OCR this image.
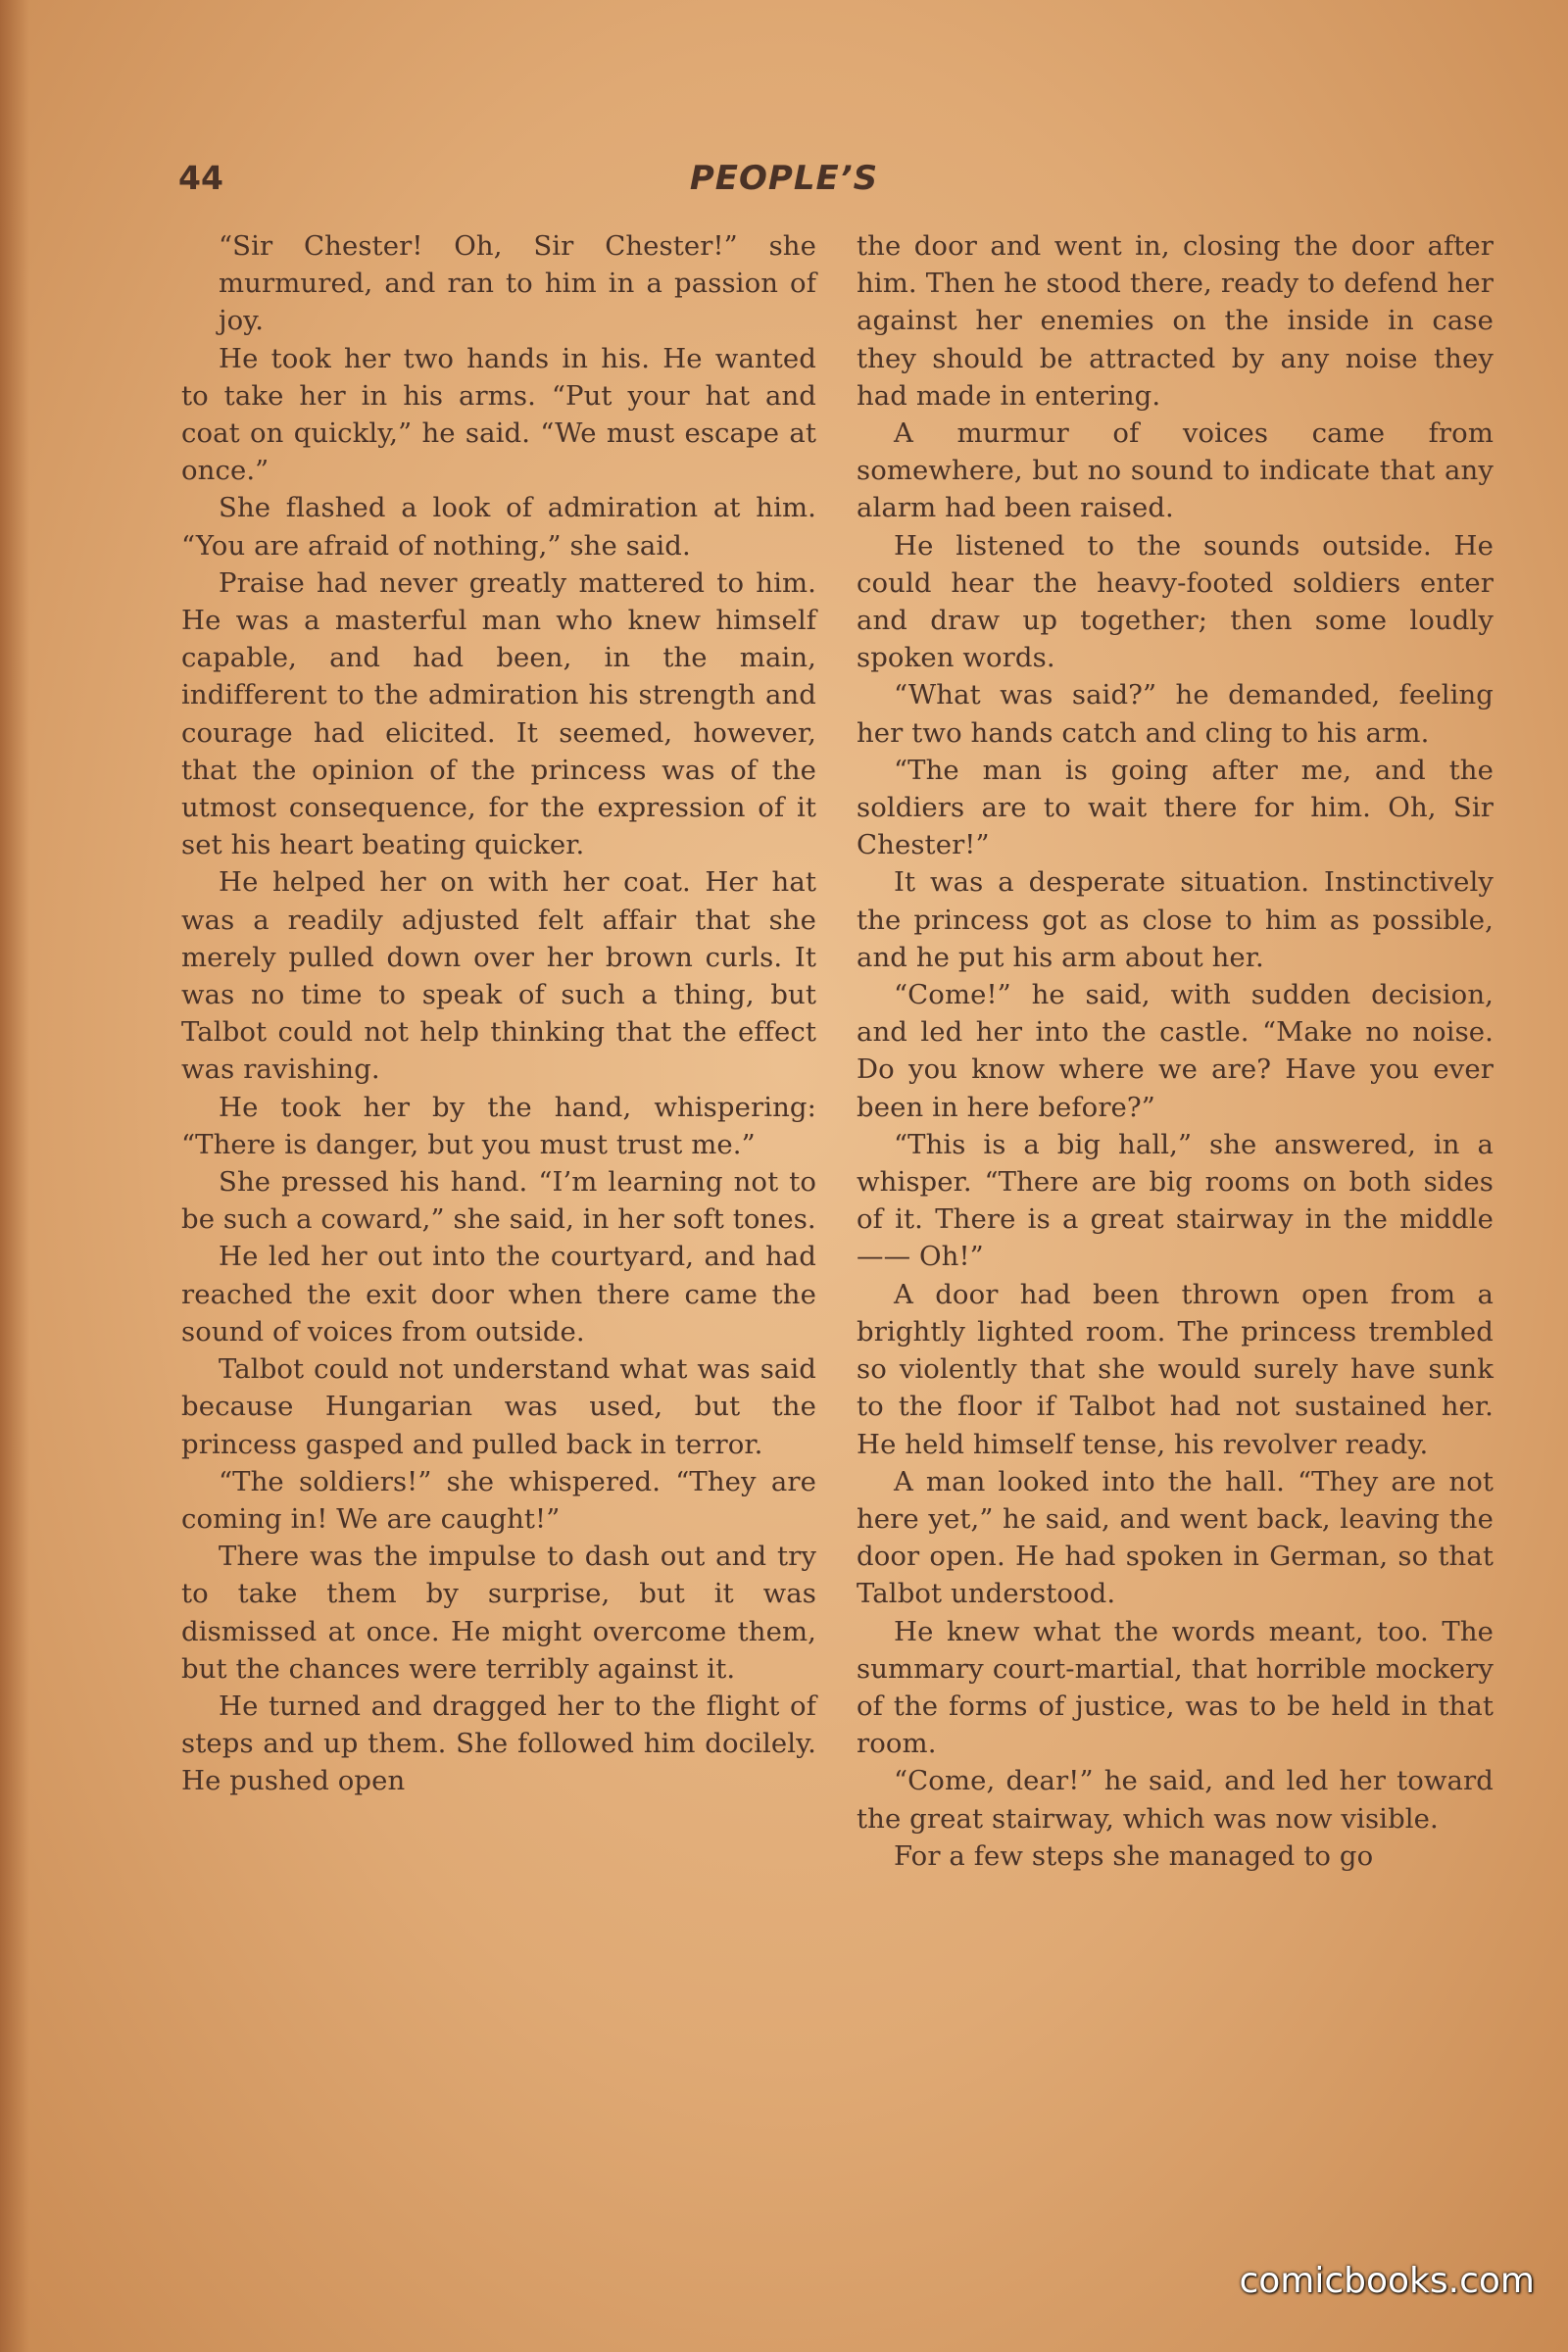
44	PEOPLE’S

“Sir Chester! Oh, Sir Chester!” she murmured, and ran to him in a passion of joy.

He took her two hands in his. He wanted to take her in his arms. “Put your hat and coat on quickly,” he said. “We must escape at once.”

She flashed a look of admiration at him. “You are afraid of nothing,” she said.

Praise had never greatly mattered to him. He was a masterful man who knew himself capable, and had been, in the main, indifferent to the admiration his strength and courage had elicited. It seemed, however, that the opinion of the princess was of the utmost consequence, for the expression of it set his heart beating quicker.

He helped her on with her coat. Her hat was a readily adjusted felt affair that she merely pulled down over her brown curls. It was no time to speak of such a thing, but Talbot could not help thinking that the effect was ravishing.

He took her by the hand, whispering: “There is danger, but you must trust me.”

She pressed his hand. “I’m learning not to be such a coward,” she said, in her soft tones.

He led her out into the courtyard, and had reached the exit door when there came the sound of voices from outside.

Talbot could not understand what was said because Hungarian was used, but the princess gasped and pulled back in terror.

“The soldiers!” she whispered. “They are coming in! We are caught!”

There was the impulse to dash out and try to take them by surprise, but it was dismissed at once. He might overcome them, but the chances were terribly against it.

He turned and dragged her to the flight of steps and up them. She followed him docilely. He pushed open

the door and went in, closing the door after him. Then he stood there, ready to defend her against her enemies on the inside in case they should be attracted by any noise they had made in entering.

A murmur of voices came from somewhere, but no sound to indicate that any alarm had been raised.

He listened to the sounds outside. He could hear the heavy-footed soldiers enter and draw up together; then some loudly spoken words.

“What was said?” he demanded, feeling her two hands catch and cling to his arm.

“The man is going after me, and the soldiers are to wait there for him. Oh, Sir Chester!”

It was a desperate situation. Instinctively the princess got as close to him as possible, and he put his arm about her.

“Come!” he said, with sudden decision, and led her into the castle. “Make no noise. Do you know where we are? Have you ever been in here before?”

“This is a big hall,” she answered, in a whisper. “There are big rooms on both sides of it. There is a great stairway in the middle—— Oh!”

A door had been thrown open from a brightly lighted room. The princess trembled so violently that she would surely have sunk to the floor if Talbot had not sustained her. He held himself tense, his revolver ready.

A man looked into the hall. “They are not here yet,” he said, and went back, leaving the door open. He had spoken in German, so that Talbot understood.

He knew what the words meant, too. The summary court-martial, that horrible mockery of the forms of justice, was to be held in that room.

“Come, dear!” he said, and led her toward the great stairway, which was now visible.

For a few steps she managed to go

comicbooks.com
